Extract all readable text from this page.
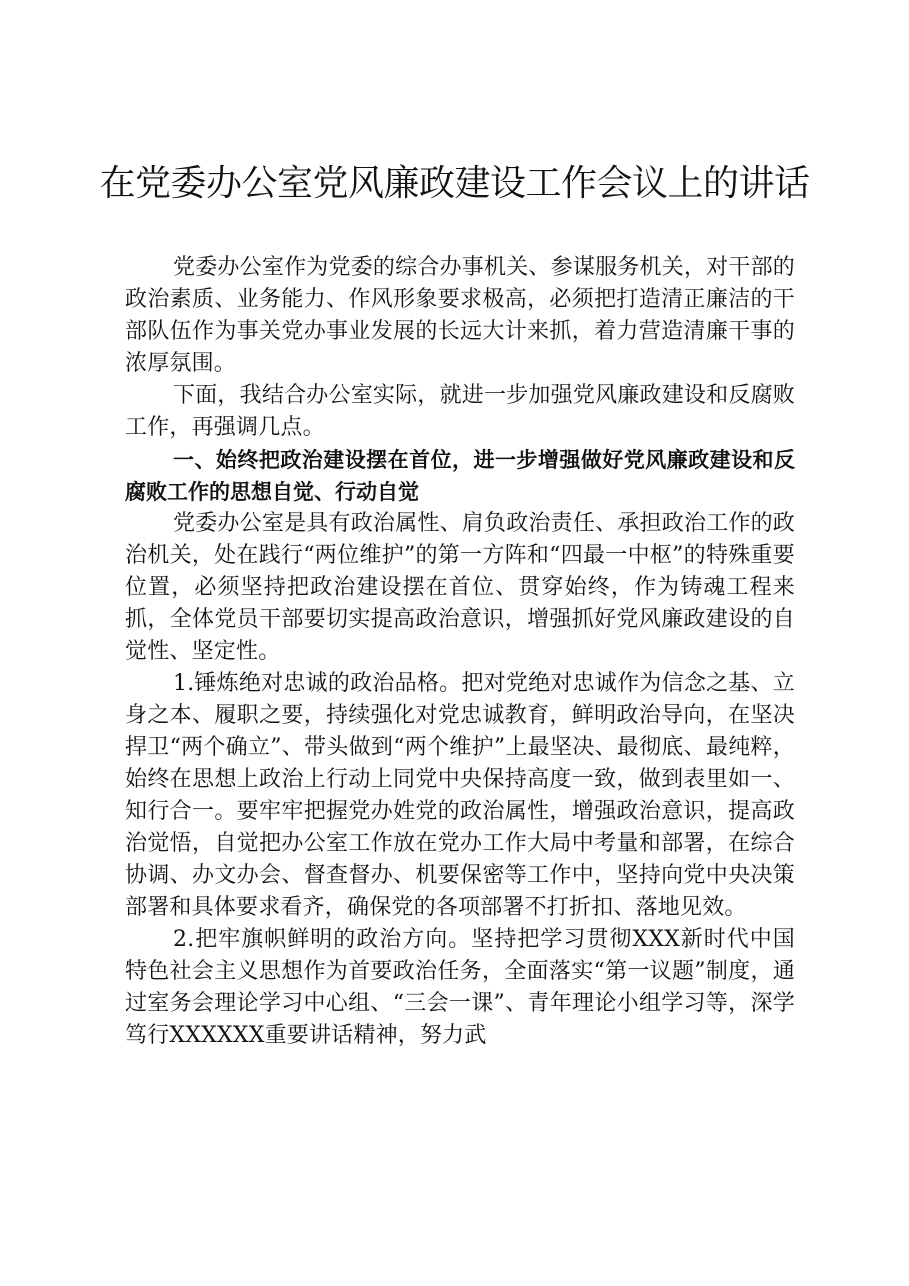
在党委办公室党风廉政建设工作会议上的讲话

党委办公室作为党委的综合办事机关、参谋服务机关，对干部的政治素质、业务能力、作风形象要求极高，必须把打造清正廉洁的干部队伍作为事关党办事业发展的长远大计来抓，着力营造清廉干事的浓厚氛围。

下面，我结合办公室实际，就进一步加强党风廉政建设和反腐败工作，再强调几点。

一、始终把政治建设摆在首位，进一步增强做好党风廉政建设和反腐败工作的思想自觉、行动自觉

党委办公室是具有政治属性、肩负政治责任、承担政治工作的政治机关，处在践行“两位维护”的第一方阵和“四最一中枢”的特殊重要位置，必须坚持把政治建设摆在首位、贯穿始终，作为铸魂工程来抓，全体党员干部要切实提高政治意识，增强抓好党风廉政建设的自觉性、坚定性。

1.锤炼绝对忠诚的政治品格。把对党绝对忠诚作为信念之基、立身之本、履职之要，持续强化对党忠诚教育，鲜明政治导向，在坚决捍卫“两个确立”、带头做到“两个维护”上最坚决、最彻底、最纯粹，始终在思想上政治上行动上同党中央保持高度一致，做到表里如一、知行合一。要牢牢把握党办姓党的政治属性，增强政治意识，提高政治觉悟，自觉把办公室工作放在党办工作大局中考量和部署，在综合协调、办文办会、督查督办、机要保密等工作中，坚持向党中央决策部署和具体要求看齐，确保党的各项部署不打折扣、落地见效。

2.把牢旗帜鲜明的政治方向。坚持把学习贯彻XXX新时代中国特色社会主义思想作为首要政治任务，全面落实“第一议题”制度，通过室务会理论学习中心组、“三会一课”、青年理论小组学习等，深学笃行XXXXXX重要讲话精神，努力武
